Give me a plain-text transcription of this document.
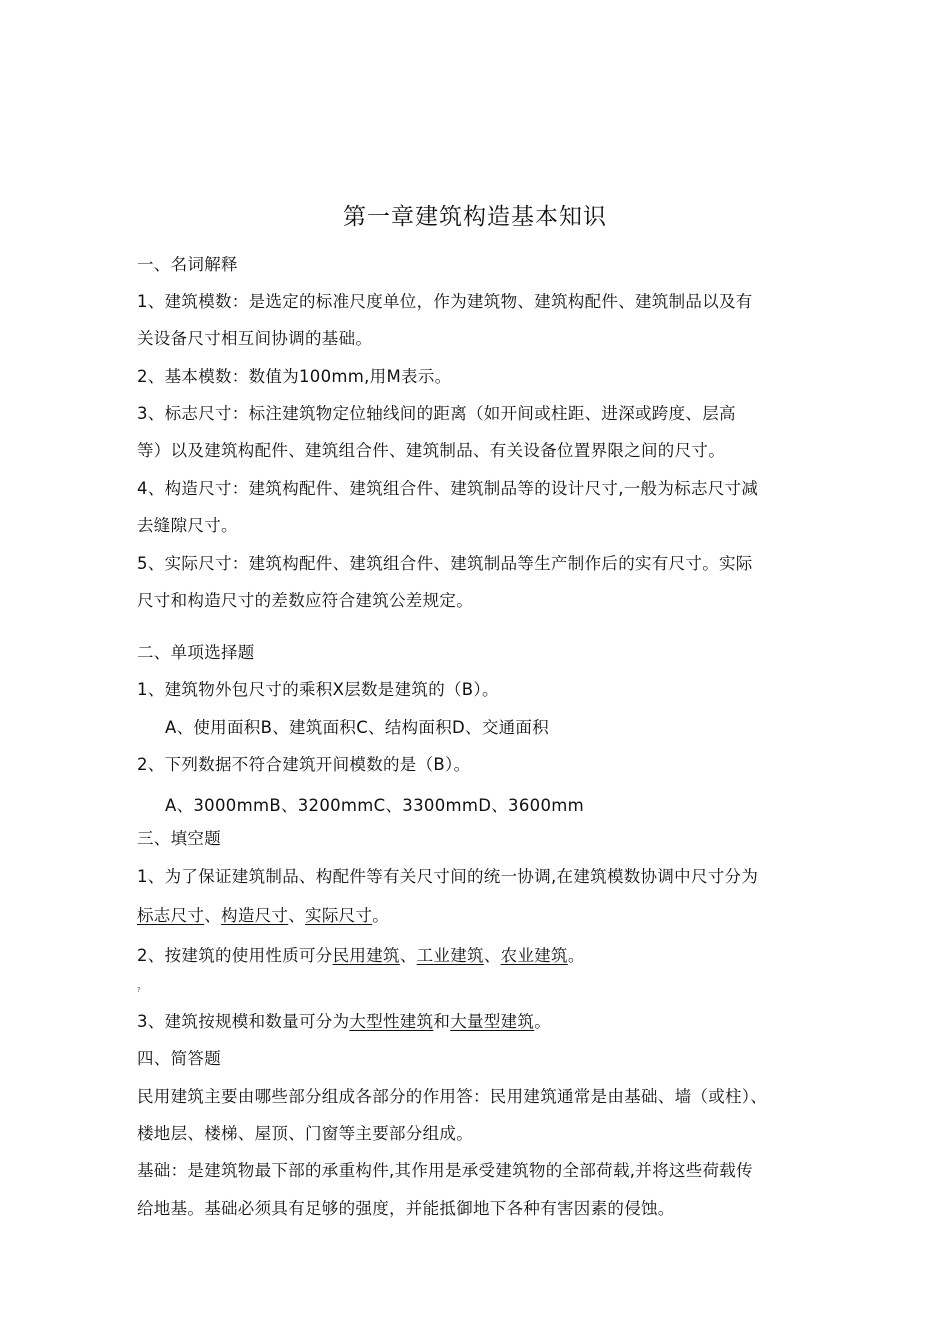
第一章建筑构造基本知识
一、名词解释
1、建筑模数：是选定的标准尺度单位，作为建筑物、建筑构配件、建筑制品以及有
关设备尺寸相互间协调的基础。
2、基本模数：数值为100mm,用M表示。
3、标志尺寸：标注建筑物定位轴线间的距离（如开间或柱距、进深或跨度、层高
等）以及建筑构配件、建筑组合件、建筑制品、有关设备位置界限之间的尺寸。
4、构造尺寸：建筑构配件、建筑组合件、建筑制品等的设计尺寸,一般为标志尺寸减
去缝隙尺寸。
5、实际尺寸：建筑构配件、建筑组合件、建筑制品等生产制作后的实有尺寸。实际
尺寸和构造尺寸的差数应符合建筑公差规定。
二、单项选择题
1、建筑物外包尺寸的乘积X层数是建筑的（B）。
A、使用面积B、建筑面积C、结构面积D、交通面积
2、下列数据不符合建筑开间模数的是（B）。
A、3000mmB、3200mmC、3300mmD、3600mm
三、填空题
1、为了保证建筑制品、构配件等有关尺寸间的统一协调,在建筑模数协调中尺寸分为
标志尺寸、构造尺寸、实际尺寸。
2、按建筑的使用性质可分民用建筑、工业建筑、农业建筑。
?
3、建筑按规模和数量可分为大型性建筑和大量型建筑。
四、简答题
民用建筑主要由哪些部分组成各部分的作用答：民用建筑通常是由基础、墙（或柱）、
楼地层、楼梯、屋顶、门窗等主要部分组成。
基础：是建筑物最下部的承重构件,其作用是承受建筑物的全部荷载,并将这些荷载传
给地基。基础必须具有足够的强度，并能抵御地下各种有害因素的侵蚀。
